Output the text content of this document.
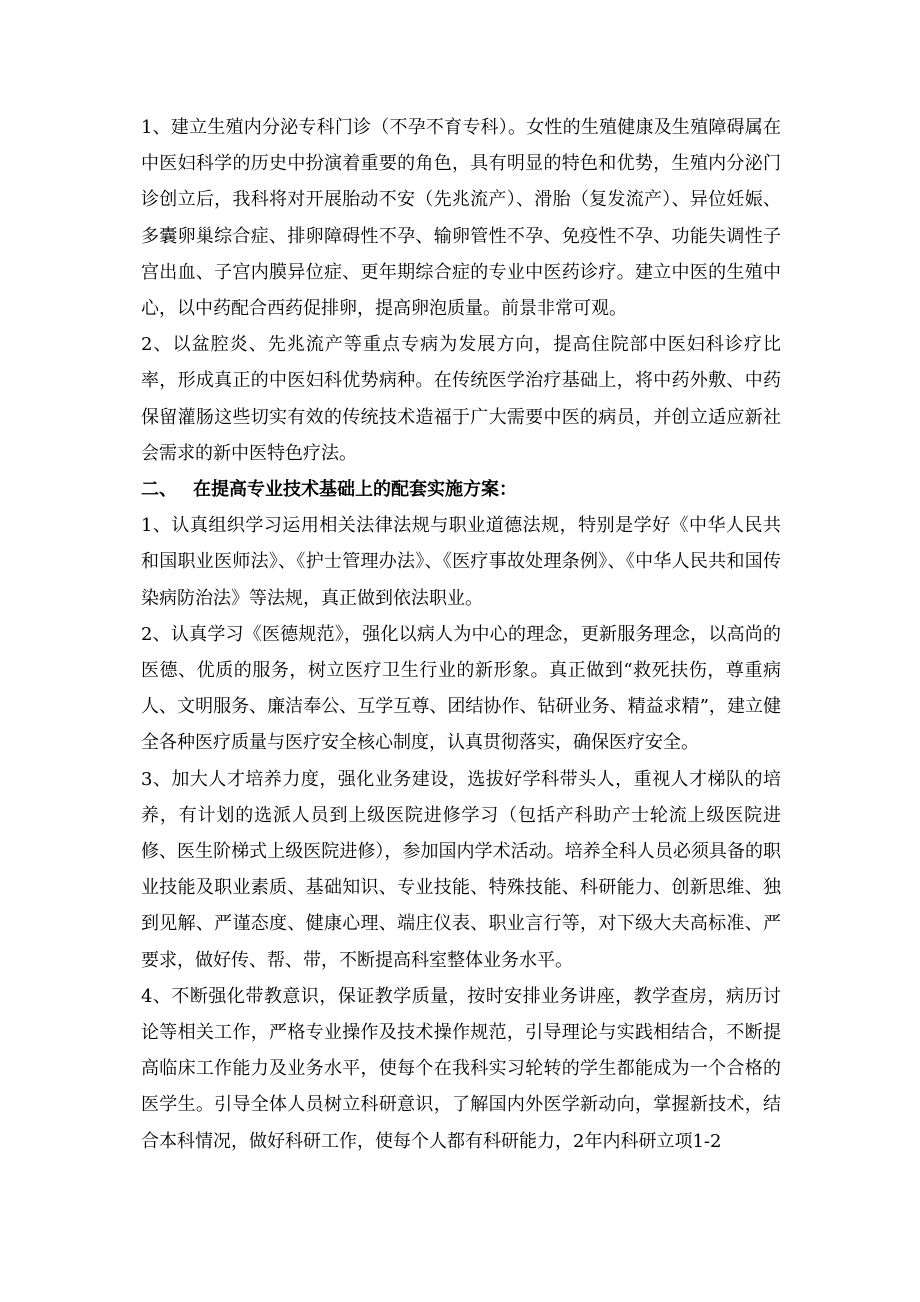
1、建立生殖内分泌专科门诊（不孕不育专科）。女性的生殖健康及生殖障碍属在中医妇科学的历史中扮演着重要的角色，具有明显的特色和优势，生殖内分泌门诊创立后，我科将对开展胎动不安（先兆流产）、滑胎（复发流产）、异位妊娠、多囊卵巢综合症、排卵障碍性不孕、输卵管性不孕、免疫性不孕、功能失调性子宫出血、子宫内膜异位症、更年期综合症的专业中医药诊疗。建立中医的生殖中心，以中药配合西药促排卵，提高卵泡质量。前景非常可观。

2、以盆腔炎、先兆流产等重点专病为发展方向，提高住院部中医妇科诊疗比率，形成真正的中医妇科优势病种。在传统医学治疗基础上，将中药外敷、中药保留灌肠这些切实有效的传统技术造福于广大需要中医的病员，并创立适应新社会需求的新中医特色疗法。

二、 在提高专业技术基础上的配套实施方案：

1、认真组织学习运用相关法律法规与职业道德法规，特别是学好《中华人民共和国职业医师法》、《护士管理办法》、《医疗事故处理条例》、《中华人民共和国传染病防治法》等法规，真正做到依法职业。

2、认真学习《医德规范》，强化以病人为中心的理念，更新服务理念，以高尚的医德、优质的服务，树立医疗卫生行业的新形象。真正做到“救死扶伤，尊重病人、文明服务、廉洁奉公、互学互尊、团结协作、钻研业务、精益求精”，建立健全各种医疗质量与医疗安全核心制度，认真贯彻落实，确保医疗安全。

3、加大人才培养力度，强化业务建设，选拔好学科带头人，重视人才梯队的培养，有计划的选派人员到上级医院进修学习（包括产科助产士轮流上级医院进修、医生阶梯式上级医院进修），参加国内学术活动。培养全科人员必须具备的职业技能及职业素质、基础知识、专业技能、特殊技能、科研能力、创新思维、独到见解、严谨态度、健康心理、端庄仪表、职业言行等，对下级大夫高标准、严要求，做好传、帮、带，不断提高科室整体业务水平。

4、不断强化带教意识，保证教学质量，按时安排业务讲座，教学查房，病历讨论等相关工作，严格专业操作及技术操作规范，引导理论与实践相结合，不断提高临床工作能力及业务水平，使每个在我科实习轮转的学生都能成为一个合格的医学生。引导全体人员树立科研意识，了解国内外医学新动向，掌握新技术，结合本科情况，做好科研工作，使每个人都有科研能力，2年内科研立项1-2
